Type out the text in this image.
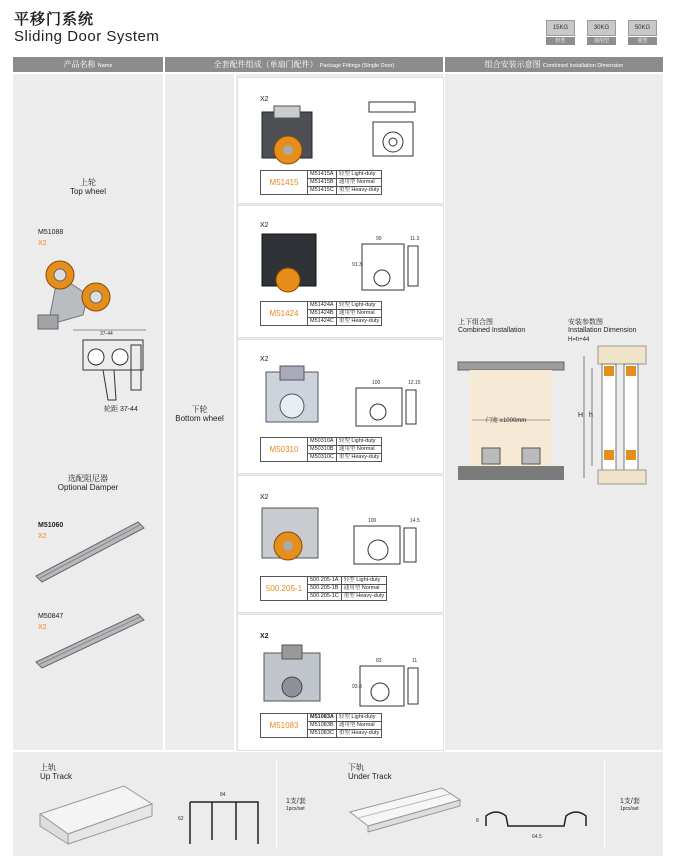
平移门系统
Sliding Door System	15KG
轻型
30KG
通用型
50KG
重型
产品名称 Name	全套配件组成（单扇门配件） Package Fittings (Single Door)	组合安装示意图 Combined Installation Dimension
上轮
Top wheel
M51088
X2
37-44
轮距 37-44
选配阻尼器
Optional Damper
M51060
X2
M50847
X2
下轮
Bottom wheel
X2
M51415	M51415A	轻型 Light-duty
	M51415B	通用型 Normal
	M51415C	重型 Heavy-duty
X2
99	11.3
91.3
M51424	M51424A	轻型 Light-duty
	M51424B	通用型 Normal
	M51424C	重型 Heavy-duty
X2
100	12.15
M50310	M50310A	轻型 Light-duty
	M50310B	通用型 Normal
	M50310C	重型 Heavy-duty
X2
100	14.5
500.205-1	500.205-1A	轻型 Light-duty
	500.205-1B	通用型 Normal
	500.205-1C	重型 Heavy-duty
X2
83	11
93.8
M51083	M51083A	轻型 Light-duty
	M51083B	通用型 Normal
	M51083C	重型 Heavy-duty
上下组合图
Combined Installation
安装参数图
Installation Dimension
H=h+44
门宽 ≥1000mm
H h
上轨
Up Track
84
62
1支/套
1pcs/set
下轨
Under Track
8
64.5
1支/套
1pcs/set
